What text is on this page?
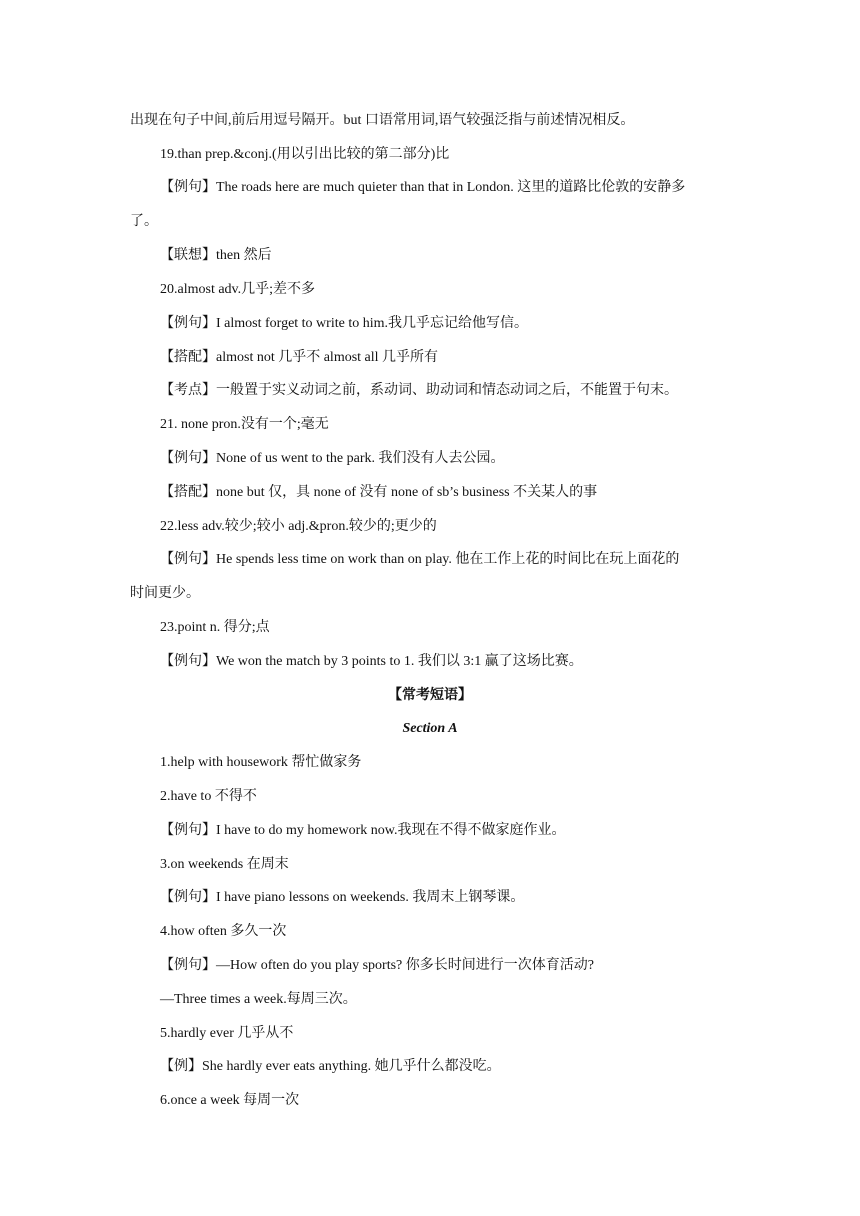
出现在句子中间,前后用逗号隔开。but 口语常用词,语气较强泛指与前述情况相反。
19.than prep.&conj.(用以引出比较的第二部分)比
【例句】The roads here are much quieter than that in London. 这里的道路比伦敦的安静多
了。
【联想】then 然后
20.almost adv.几乎;差不多
【例句】I almost forget to write to him.我几乎忘记给他写信。
【搭配】almost not 几乎不 almost all 几乎所有
【考点】一般置于实义动词之前，系动词、助动词和情态动词之后，不能置于句末。
21. none pron.没有一个;毫无
【例句】None of us went to the park. 我们没有人去公园。
【搭配】none but 仅，具 none of 没有 none of sb’s business 不关某人的事
22.less adv.较少;较小 adj.&pron.较少的;更少的
【例句】He spends less time on work than on play. 他在工作上花的时间比在玩上面花的
时间更少。
23.point n. 得分;点
【例句】We won the match by 3 points to 1. 我们以 3:1 赢了这场比赛。
【常考短语】
Section A
1.help with housework 帮忙做家务
2.have to 不得不
【例句】I have to do my homework now.我现在不得不做家庭作业。
3.on weekends 在周末
【例句】I have piano lessons on weekends. 我周末上钢琴课。
4.how often 多久一次
【例句】—How often do you play sports? 你多长时间进行一次体育活动?
—Three times a week.每周三次。
5.hardly ever 几乎从不
【例】She hardly ever eats anything. 她几乎什么都没吃。
6.once a week 每周一次
